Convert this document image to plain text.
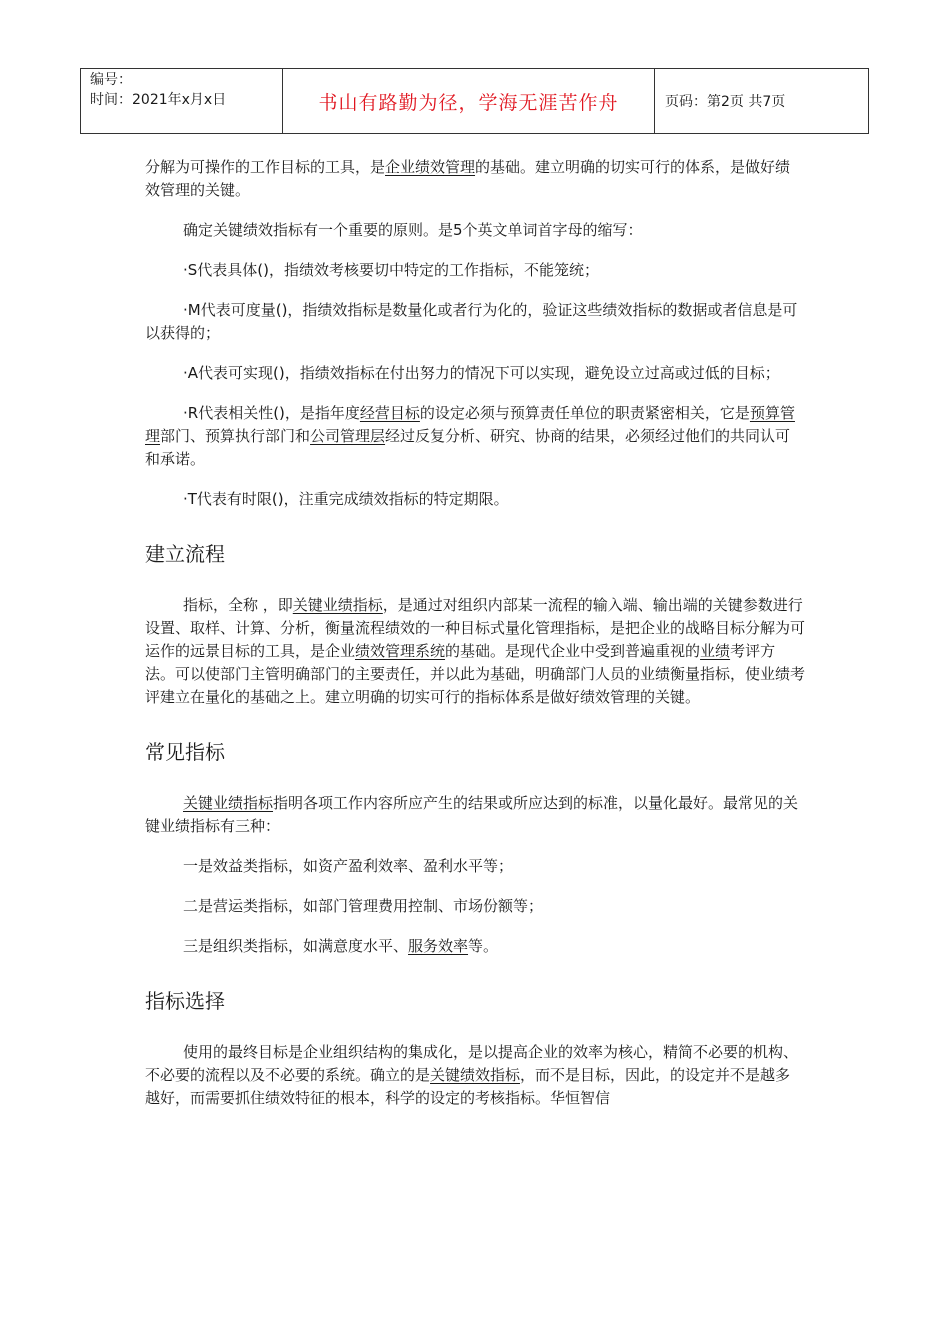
编号：
时间：2021年x月x日	书山有路勤为径，学海无涯苦作舟	页码：第2页 共7页

分解为可操作的工作目标的工具，是企业绩效管理的基础。建立明确的切实可行的体系，是做好绩效管理的关键。

确定关键绩效指标有一个重要的原则。是5个英文单词首字母的缩写：

·S代表具体()，指绩效考核要切中特定的工作指标，不能笼统；

·M代表可度量()，指绩效指标是数量化或者行为化的，验证这些绩效指标的数据或者信息是可以获得的；

·A代表可实现()，指绩效指标在付出努力的情况下可以实现，避免设立过高或过低的目标；

·R代表相关性()，是指年度经营目标的设定必须与预算责任单位的职责紧密相关，它是预算管理部门、预算执行部门和公司管理层经过反复分析、研究、协商的结果，必须经过他们的共同认可和承诺。

·T代表有时限()，注重完成绩效指标的特定期限。

建立流程

指标，全称 ，即关键业绩指标，是通过对组织内部某一流程的输入端、输出端的关键参数进行设置、取样、计算、分析，衡量流程绩效的一种目标式量化管理指标，是把企业的战略目标分解为可运作的远景目标的工具，是企业绩效管理系统的基础。是现代企业中受到普遍重视的业绩考评方法。可以使部门主管明确部门的主要责任，并以此为基础，明确部门人员的业绩衡量指标，使业绩考评建立在量化的基础之上。建立明确的切实可行的指标体系是做好绩效管理的关键。

常见指标

关键业绩指标指明各项工作内容所应产生的结果或所应达到的标准，以量化最好。最常见的关键业绩指标有三种：

一是效益类指标，如资产盈利效率、盈利水平等；

二是营运类指标，如部门管理费用控制、市场份额等；

三是组织类指标，如满意度水平、服务效率等。

指标选择

使用的最终目标是企业组织结构的集成化，是以提高企业的效率为核心，精简不必要的机构、不必要的流程以及不必要的系统。确立的是关键绩效指标，而不是目标，因此，的设定并不是越多越好，而需要抓住绩效特征的根本，科学的设定的考核指标。华恒智信
